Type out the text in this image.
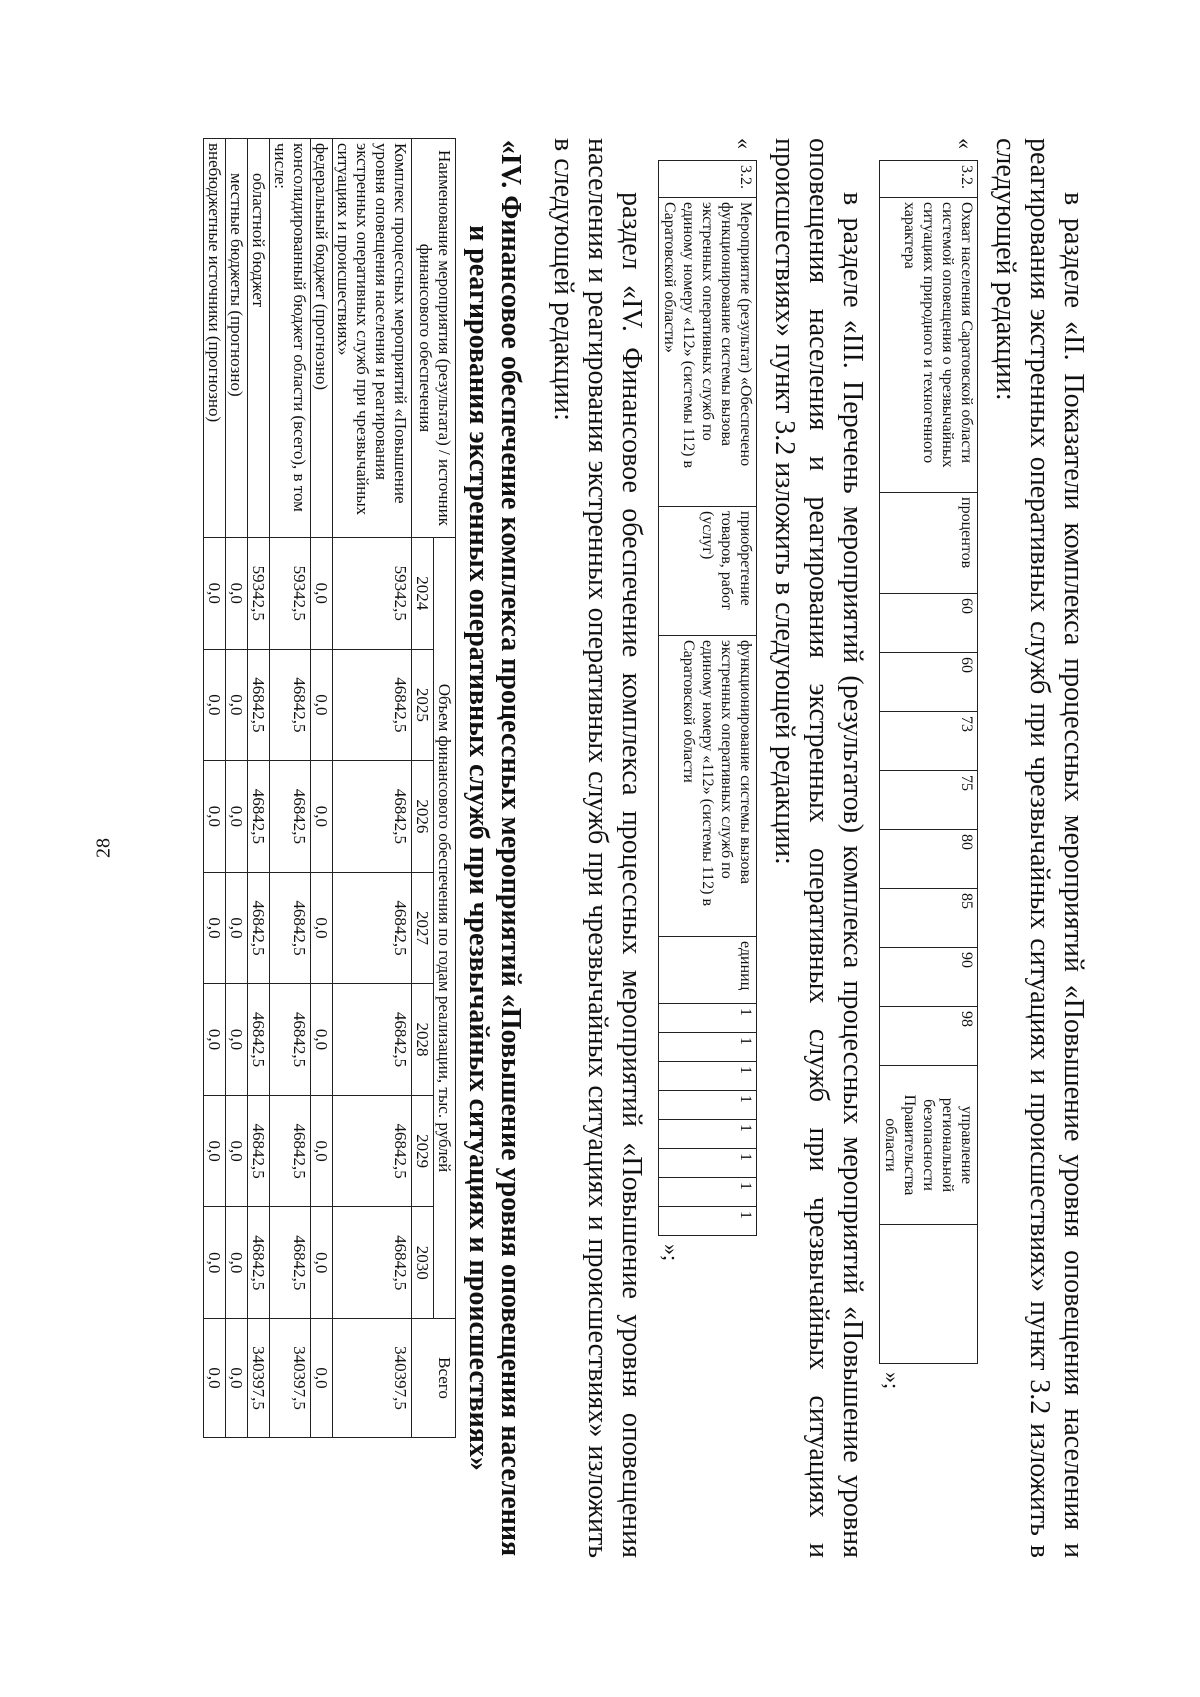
28	в разделе «II. Показатели комплекса процессных мероприятий «Повышение уровня оповещения населения и реагирования экстренных оперативных служб при чрезвычайных ситуациях и происшествиях» пункт 3.2 изложить в следующей редакции:

«
3.2.	Охват населения Саратовской области системой оповещения о чрезвычайных ситуациях природного и техногенного характера	процентов	60	60	73	75	80	85	90	98	управление региональной безопасности Правительства области	
»;

в разделе «III. Перечень мероприятий (результатов) комплекса процессных мероприятий «Повышение уровня оповещения населения и реагирования экстренных оперативных служб при чрезвычайных ситуациях и происшествиях» пункт 3.2 изложить в следующей редакции:

«
3.2.	Мероприятие (результат) «Обеспечено функционирование системы вызова экстренных оперативных служб по единому номеру «112» (системы 112) в Саратовской области»	приобретение товаров, работ (услуг)	функционирование системы вызова экстренных оперативных служб по единому номеру «112» (системы 112) в Саратовской области	единиц	1	1	1	1	1	1	1	1
»;

раздел «IV. Финансовое обеспечение комплекса процессных мероприятий «Повышение уровня оповещения населения и реагирования экстренных оперативных служб при чрезвычайных ситуациях и происшествиях» изложить в следующей редакции:

«IV. Финансовое обеспечение комплекса процессных мероприятий «Повышение уровня оповещения населения и реагирования экстренных оперативных служб при чрезвычайных ситуациях и происшествиях»

Наименование мероприятия (результата) / источник финансового обеспечения	Объем финансового обеспечения по годам реализации, тыс. рублей							Всего
	2024	2025	2026	2027	2028	2029	2030	
Комплекс процессных мероприятий «Повышение уровня оповещения населения и реагирования экстренных оперативных служб при чрезвычайных ситуациях и происшествиях»	59342,5	46842,5	46842,5	46842,5	46842,5	46842,5	46842,5	340397,5
федеральный бюджет (прогнозно)	0,0	0,0	0,0	0,0	0,0	0,0	0,0	0,0
консолидированный бюджет области (всего), в том числе:	59342,5	46842,5	46842,5	46842,5	46842,5	46842,5	46842,5	340397,5
областной бюджет	59342,5	46842,5	46842,5	46842,5	46842,5	46842,5	46842,5	340397,5
местные бюджеты (прогнозно)	0,0	0,0	0,0	0,0	0,0	0,0	0,0	0,0
внебюджетные источники (прогнозно)	0,0	0,0	0,0	0,0	0,0	0,0	0,0	0,0
